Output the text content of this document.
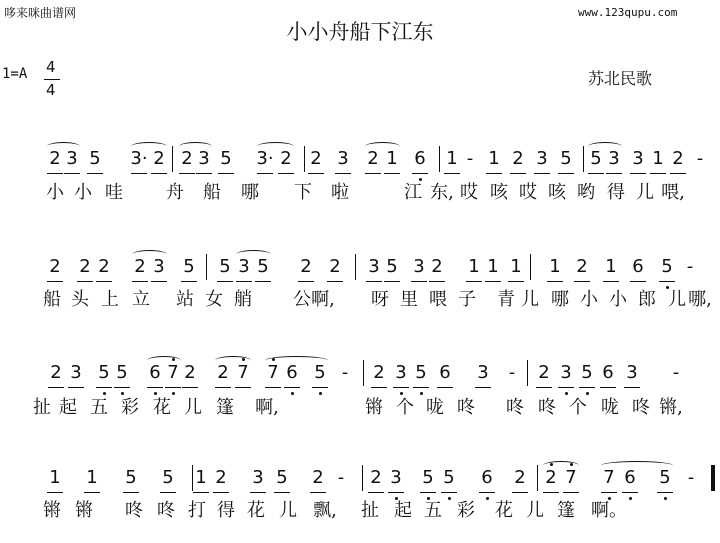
哆来咪曲谱网	www.123qupu.com
小小舟船下江东
1=A 4
4
苏北民歌
2 3 5 3· 2 2 3 5 3· 2 2 3 2 1 6 1 - 1 2 3 5 5 3 3 1 2 -
小 小 哇 舟 船 哪 下 啦	江 东, 哎 咳 哎 咳 哟 得 儿 喂,
2 2 2 2 3 5 5 3 5 2 2 3 5 3 2 1 1 1 1 2 1 6 5 -
船 头 上 立 站 女 艄 公 啊, 呀 里 喂 子 青 儿 哪 小 小 郎 儿 哪,
2 3 5 5 6 7 2 2 7 7 6 5 -	2 3 5 6 3	-	2 3 5 6 3	-
扯 起 五 彩 花 儿 篷 啊,	锵 个 咙 咚 咚 咚 个 咙 咚 锵,
1 1 5 5 1 2 3 5 2 -	2 3 5 5 6 2 2 7 7 6 5 -
锵 锵 咚 咚 打 得 花 儿 飘, 扯 起 五 彩 花 儿 篷 啊。
